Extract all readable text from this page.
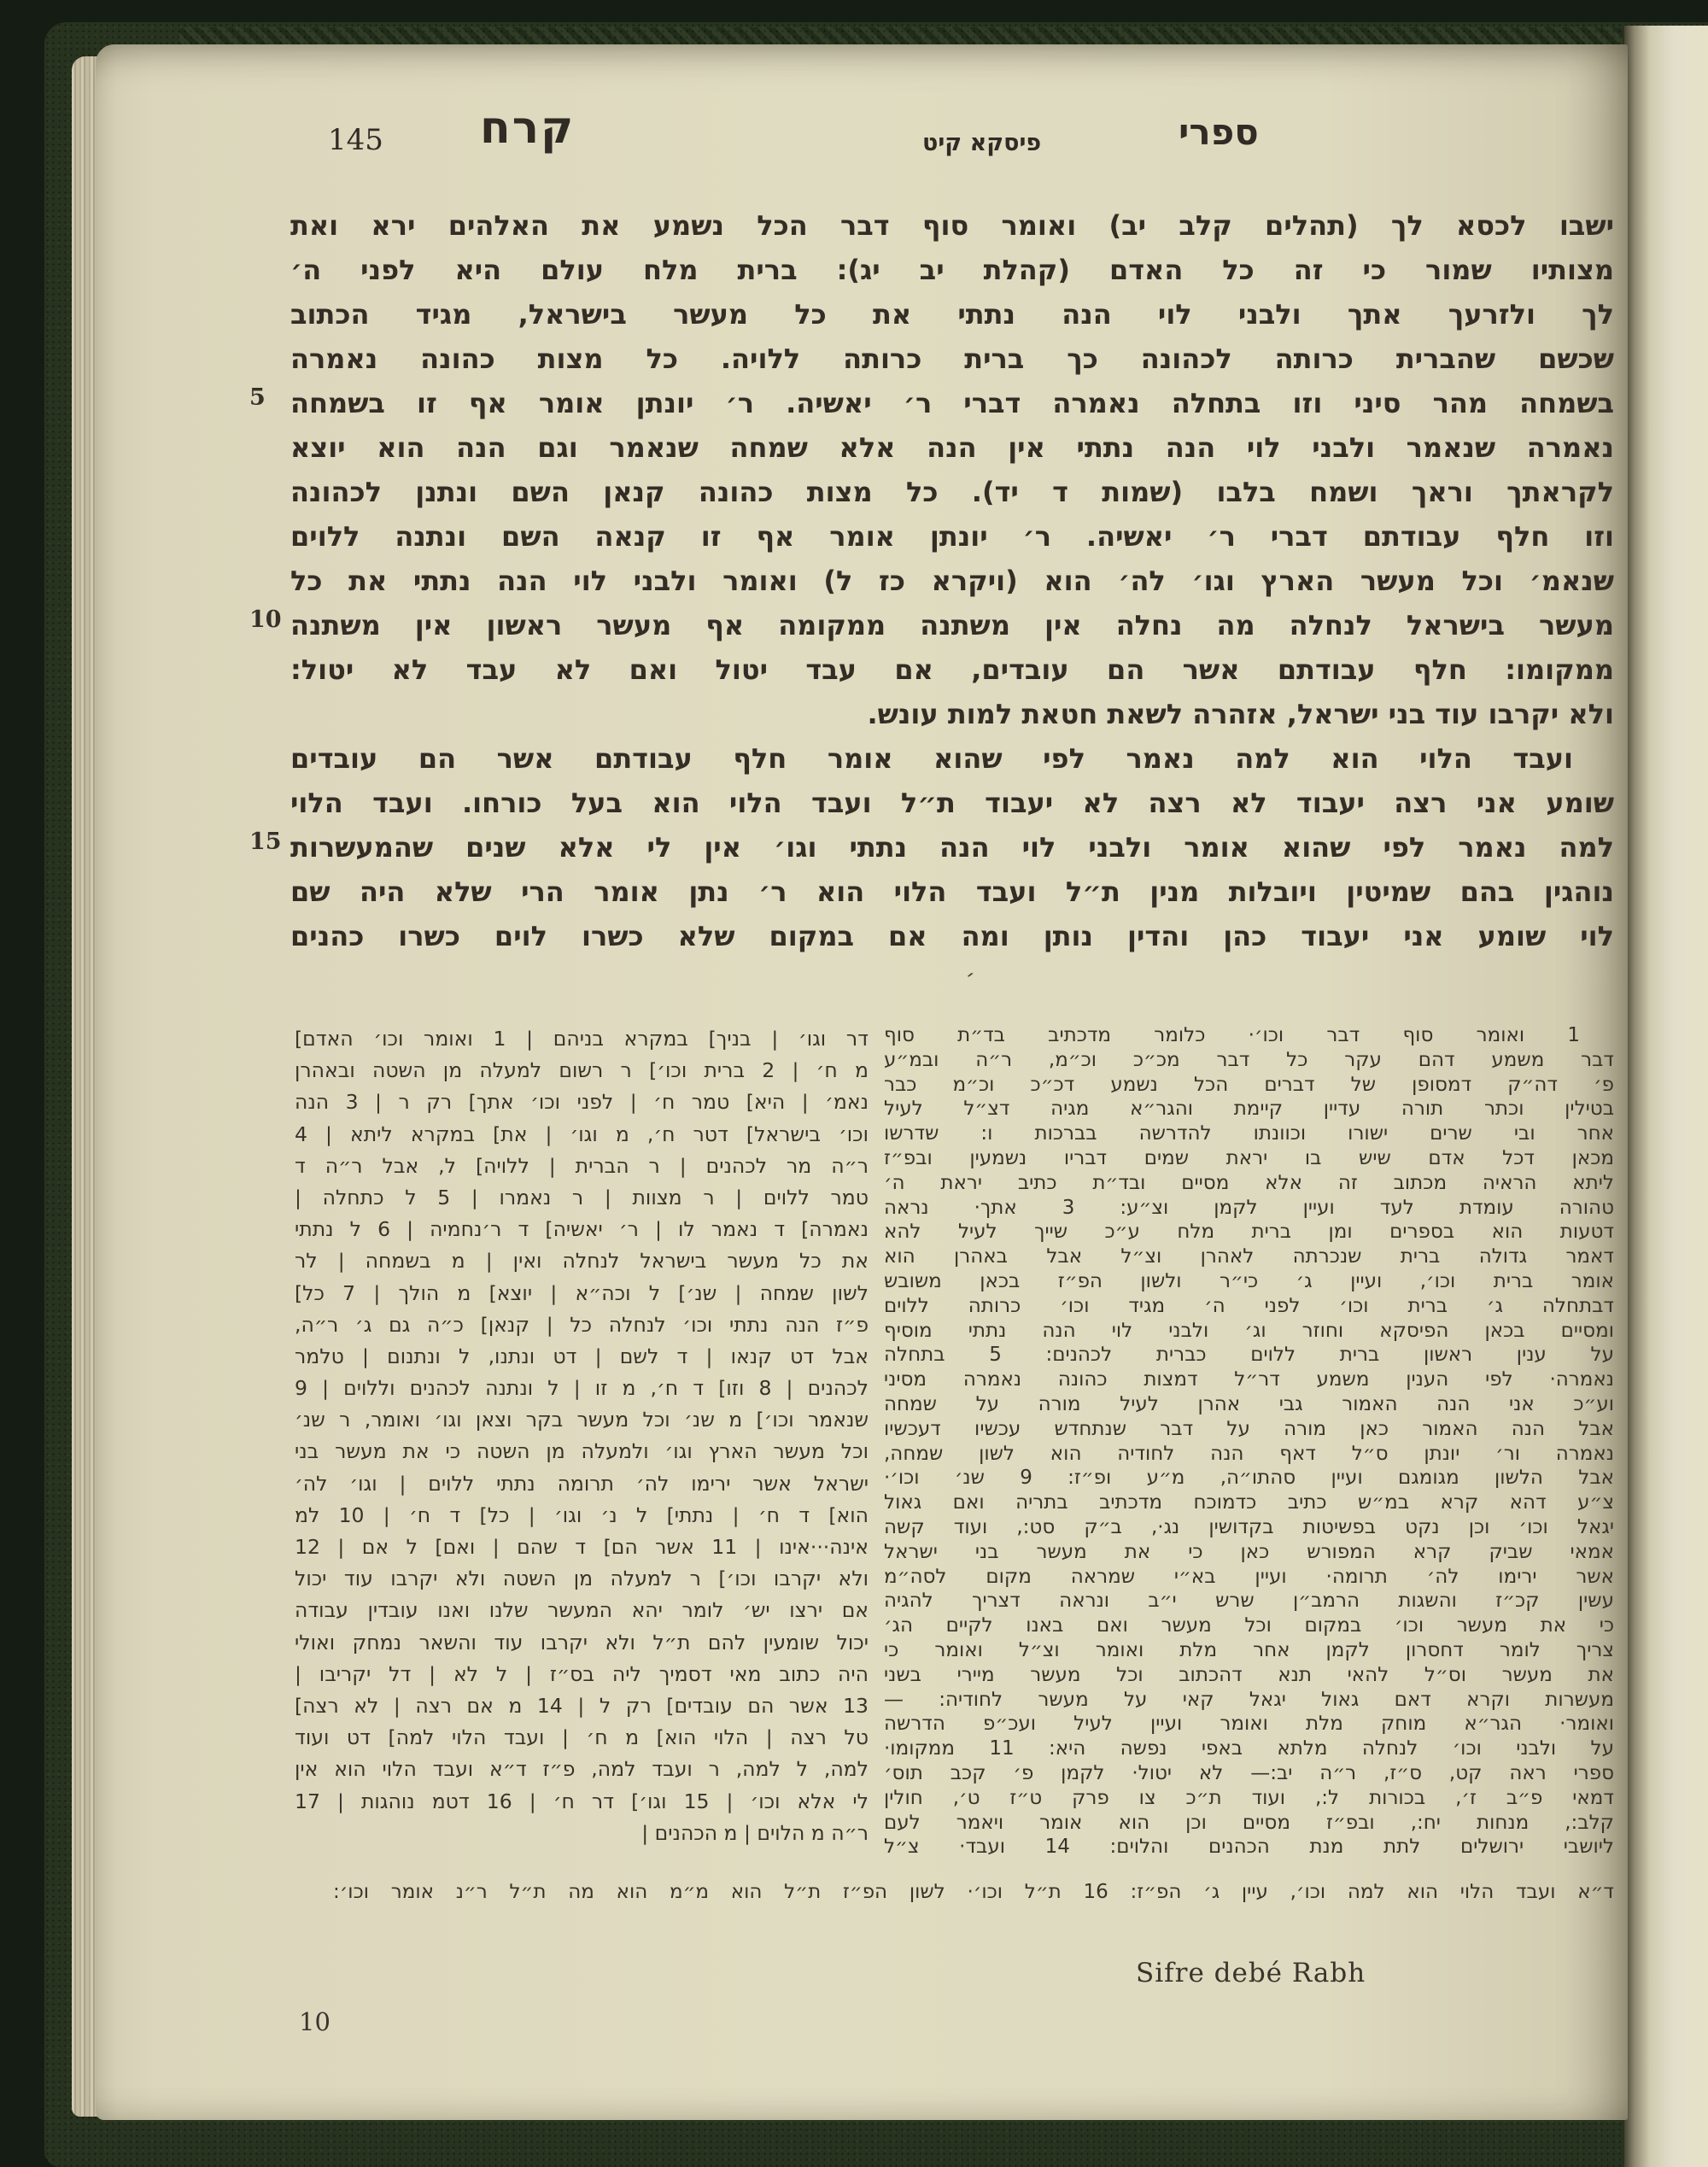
ספרי
פיסקא קיט
קרח
145
5
10
15
ישבו לכסא לך (תהלים קלב יב) ואומר סוף דבר הכל נשמע את האלהים ירא ואת
מצותיו שמור כי זה כל האדם (קהלת יב יג): ברית מלח עולם היא לפני ה׳
לך ולזרעך אתך ולבני לוי הנה נתתי את כל מעשר בישראל, מגיד הכתוב
שכשם שהברית כרותה לכהונה כך ברית כרותה ללויה. כל מצות כהונה נאמרה
בשמחה מהר סיני וזו בתחלה נאמרה דברי ר׳ יאשיה. ר׳ יונתן אומר אף זו בשמחה
נאמרה שנאמר ולבני לוי הנה נתתי אין הנה אלא שמחה שנאמר וגם הנה הוא יוצא
לקראתך וראך ושמח בלבו (שמות ד יד). כל מצות כהונה קנאן השם ונתנן לכהונה
וזו חלף עבודתם דברי ר׳ יאשיה. ר׳ יונתן אומר אף זו קנאה השם ונתנה ללוים
שנאמ׳ וכל מעשר הארץ וגו׳ לה׳ הוא (ויקרא כז ל) ואומר ולבני לוי הנה נתתי את כל
מעשר בישראל לנחלה מה נחלה אין משתנה ממקומה אף מעשר ראשון אין משתנה
ממקומו: חלף עבודתם אשר הם עובדים, אם עבד יטול ואם לא עבד לא יטול:
ולא יקרבו עוד בני ישראל, אזהרה לשאת חטאת למות עונש.
ועבד הלוי הוא למה נאמר לפי שהוא אומר חלף עבודתם אשר הם עובדים
שומע אני רצה יעבוד לא רצה לא יעבוד ת״ל ועבד הלוי הוא בעל כורחו. ועבד הלוי
למה נאמר לפי שהוא אומר ולבני לוי הנה נתתי וגו׳ אין לי אלא שנים שהמעשרות
נוהגין בהם שמיטין ויובלות מנין ת״ל ועבד הלוי הוא ר׳ נתן אומר הרי שלא היה שם
לוי שומע אני יעבוד כהן והדין נותן ומה אם במקום שלא כשרו לוים כשרו כהנים
׳
1 ואומר סוף דבר וכו׳· כלומר מדכתיב בד״ת סוף
דבר משמע דהם עקר כל דבר מכ״כ וכ״מ, ר״ה ובמ״ע
פ׳ דה״ק דמסופן של דברים הכל נשמע דכ״כ וכ״מ כבר
בטילין וכתר תורה עדיין קיימת והגר״א מגיה דצ״ל לעיל
אחר ובי שרים ישורו וכוונתו להדרשה בברכות ו: שדרשו
מכאן דכל אדם שיש בו יראת שמים דבריו נשמעין ובפ״ז
ליתא הראיה מכתוב זה אלא מסיים ובד״ת כתיב יראת ה׳
טהורה עומדת לעד ועיין לקמן וצ״ע: 3 אתך· נראה
דטעות הוא בספרים ומן ברית מלח ע״כ שייך לעיל להא
דאמר גדולה ברית שנכרתה לאהרן וצ״ל אבל באהרן הוא
אומר ברית וכו׳, ועיין ג׳ כי״ר ולשון הפ״ז בכאן משובש
דבתחלה ג׳ ברית וכו׳ לפני ה׳ מגיד וכו׳ כרותה ללוים
ומסיים בכאן הפיסקא וחוזר וג׳ ולבני לוי הנה נתתי מוסיף
על ענין ראשון ברית ללוים כברית לכהנים: 5 בתחלה
נאמרה· לפי הענין משמע דר״ל דמצות כהונה נאמרה מסיני
וע״כ אני הנה האמור גבי אהרן לעיל מורה על שמחה
אבל הנה האמור כאן מורה על דבר שנתחדש עכשיו דעכשיו
נאמרה ור׳ יונתן ס״ל דאף הנה לחודיה הוא לשון שמחה,
אבל הלשון מגומגם ועיין סהתו״ה, מ״ע ופ״ז: 9 שנ׳ וכו׳·
צ״ע דהא קרא במ״ש כתיב כדמוכח מדכתיב בתריה ואם גאול
יגאל וכו׳ וכן נקט בפשיטות בקדושין נג·, ב״ק סט:, ועוד קשה
אמאי שביק קרא המפורש כאן כי את מעשר בני ישראל
אשר ירימו לה׳ תרומה· ועיין בא״י שמראה מקום לסה״מ
עשין קכ״ז והשגות הרמב״ן שרש י״ב ונראה דצריך להגיה
כי את מעשר וכו׳ במקום וכל מעשר ואם באנו לקיים הג׳
צריך לומר דחסרון לקמן אחר מלת ואומר וצ״ל ואומר כי
את מעשר וס״ל להאי תנא דהכתוב וכל מעשר מיירי בשני
מעשרות וקרא דאם גאול יגאל קאי על מעשר לחודיה: —
ואומר· הגר״א מוחק מלת ואומר ועיין לעיל ועכ״פ הדרשה
על ולבני וכו׳ לנחלה מלתא באפי נפשה היא: 11 ממקומו·
ספרי ראה קט, ס״ז, ר״ה יב:— לא יטול· לקמן פ׳ קכב תוס׳
דמאי פ״ב ז׳, בכורות ל:, ועוד ת״כ צו פרק ט״ז ט׳, חולין
קלב:, מנחות יח:, ובפ״ז מסיים וכן הוא אומר ויאמר לעם
ליושבי ירושלים לתת מנת הכהנים והלוים: 14 ועבד· צ״ל
דר וגו׳ | בניך] במקרא בניהם | 1 ואומר וכו׳ האדם]
מ ח׳ | 2 ברית וכו׳] ר רשום למעלה מן השטה ובאהרן
נאמ׳ | היא] טמר ח׳ | לפני וכו׳ אתך] רק ר | 3 הנה
וכו׳ בישראל] דטר ח׳, מ וגו׳ | את] במקרא ליתא | 4
ר״ה מר לכהנים | ר הברית | ללויה] ל, אבל ר״ה ד
טמר ללוים | ר מצוות | ר נאמרו | 5 ל כתחלה |
נאמרה] ד נאמר לו | ר׳ יאשיה] ד ר׳נחמיה | 6 ל נתתי
את כל מעשר בישראל לנחלה ואין | מ בשמחה | לר
לשון שמחה | שנ׳] ל וכה״א | יוצא] מ הולך | 7 כל]
פ״ז הנה נתתי וכו׳ לנחלה כל | קנאן] כ״ה גם ג׳ ר״ה,
אבל דט קנאו | ד לשם | דט ונתנו, ל ונתנום | טלמר
לכהנים | 8 וזו] ד ח׳, מ זו | ל ונתנה לכהנים וללוים | 9
שנאמר וכו׳] מ שנ׳ וכל מעשר בקר וצאן וגו׳ ואומר, ר שנ׳
וכל מעשר הארץ וגו׳ ולמעלה מן השטה כי את מעשר בני
ישראל אשר ירימו לה׳ תרומה נתתי ללוים | וגו׳ לה׳
הוא] ד ח׳ | נתתי] ל נ׳ וגו׳ | כל] ד ח׳ | 10 למ
אינה···אינו | 11 אשר הם] ד שהם | ואם] ל אם | 12
ולא יקרבו וכו׳] ר למעלה מן השטה ולא יקרבו עוד יכול
אם ירצו יש׳ לומר יהא המעשר שלנו ואנו עובדין עבודה
יכול שומעין להם ת״ל ולא יקרבו עוד והשאר נמחק ואולי
היה כתוב מאי דסמיך ליה בס״ז | ל לא | דל יקריבו |
13 אשר הם עובדים] רק ל | 14 מ אם רצה | לא רצה]
טל רצה | הלוי הוא] מ ח׳ | ועבד הלוי למה] דט ועוד
למה, ל למה, ר ועבד למה, פ״ז ד״א ועבד הלוי הוא אין
לי אלא וכו׳ | 15 וגו׳] דר ח׳ | 16 דטמ נוהגות | 17
ר״ה מ הלוים | מ הכהנים |
ד״א ועבד הלוי הוא למה וכו׳, עיין ג׳ הפ״ז: 16 ת״ל וכו׳· לשון הפ״ז ת״ל הוא מ״מ הוא מה ת״ל ר״נ אומר וכו׳:
Sifre debé Rabh
10
